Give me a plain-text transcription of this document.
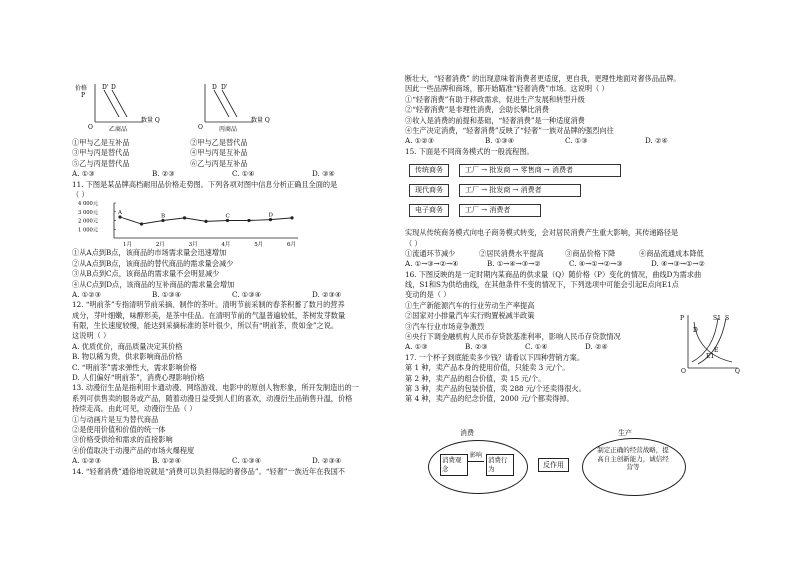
价格
P
D' D
数量 Q
O	乙商品
D D'
数量 Q
O	丙商品
①甲与乙是互补品	②甲与乙是替代品
③甲与丙是替代品	④甲与丙是互补品
⑤乙与丙是替代品	⑥乙与丙是互补品
A. ①③	B. ②③	C. ①④	D. ③④
11. 下图是某品牌高档耐用品价格走势图。下列各项对图中信息分析正确且全面的是
（ ）
4 000元
3 000元
2 000元
1 000元
A
B	C	D
1月	2月	3月	4月	5月	6月
①从A点到B点，该商品的市场需求量会迅速增加
②从A点到B点，该商品的替代商品的需求量会减少
③从B点到C点，该商品的需求量不会明显减少
④从C点到D点，该商品的互补商品的需求量会增加
A. ①②③	B. ①③④	C. ①③④	D. ②③④
12. “明前茶”专指清明节前采摘、制作的茶叶。清明节前采制的春茶积蓄了数月的营养
成分，芽叶细嫩，味醇形美，是茶中佳品。在清明节前的气温普遍较低，茶树发芽数量
有限，生长速度较慢，能达到采摘标准的茶叶很少，所以有“明前茶，贵如金”之说。
这说明（ ）
A. 优质优价，商品质量决定其价格
B. 物以稀为贵，供求影响商品价格
C. “明前茶”需求弹性大，需求影响价格
D. 人们偏好“明前茶”，消费心理影响价格
13. 动漫衍生品是指利用卡通动漫、网络游戏、电影中的原创人物形象，所开发制造出的一
系列可供售卖的服务或产品，随着动漫日益受到人们的喜欢，动漫衍生品销售升温，价格
持续走高。由此可见，动漫衍生品（ ）
①与动画片是互为替代商品
②是使用价值和价值的统一体
③价格受供给和需求的直接影响
④价值取决于动漫产品的市场火爆程度
A. ①②③	B. ①②④	C. ①③④	D. ②③④
14. “轻奢消费”通俗地说就是“消费可以负担得起的奢侈品”。“轻奢”一族近年在我国不
断壮大，“轻奢消费” 的出现意味着消费者更适度，更自我，更理性地面对奢侈品品牌。
因此一些品牌和商场，都开始瞄准“轻奢消费”市场。这说明（ ）
①“轻奢消费”有助于移政需求，促进生产发展和转型升级
②“轻奢消费”是非理性消费，会助长攀比消费
③收入是消费的前提和基础，“轻奢消费”是一种适度消费
④生产决定消费，“轻奢消费”反映了“轻奢”一族对品牌的强烈向往
A. ①②③	B. ①③④	C. ①③	D. ②④
15. 下面是不同商务模式的一般流程图。
传统商务
现代商务
电子商务
工厂 → 批发商 → 零售商 → 消费者
工厂 → 批发商 → 消费者
工厂 → 消费者
实现从传统商务模式向电子商务模式转变，会对居民消费产生重大影响，其传递路径是
（ ）
①流通环节减少	②居民消费水平提高	③商品价格下降	④商品流通成本降低
A. ①→③→②→④	B. ①→④→③→②	C. ④→①→②→③	D. ④→③→①→②
16. 下图反映的是一定时期内某商品的供求量（Q）随价格（P）变化的情况，曲线D为需求曲
线，S1和S为供给曲线，在其他条件不变的情况下，下列选项中可能会引起E点向E1点
变动的是（ ）
①生产新能源汽车的行业劳动生产率提高
②国家对小排量汽车实行购置税减半政策
③汽车行业市场竞争激烈
④央行下调金融机构人民币存贷款基准利率，影响人民币存贷款情况
A. ①③	B. ②③	C. ①④	D. ②④
17. 一个杯子到底能卖多少钱？请看以下四种营销方案。
第 1 种，卖产品本身的使用价值，只能卖 3 元/个。
第 2 种，卖产品的组合价值，卖 15 元/个。
第 3 种，卖产品的包装价值，卖 288 元/个还卖得很火。
第 4 种，卖产品的纪念价值，2000 元/个都卖得掉。
P
Q
O
D
S
S1
E
E1
消费	生产
消费观念
影响
消费行为	反作用
制定正确的经营战略，提高自主创新能力，诚信经营等
